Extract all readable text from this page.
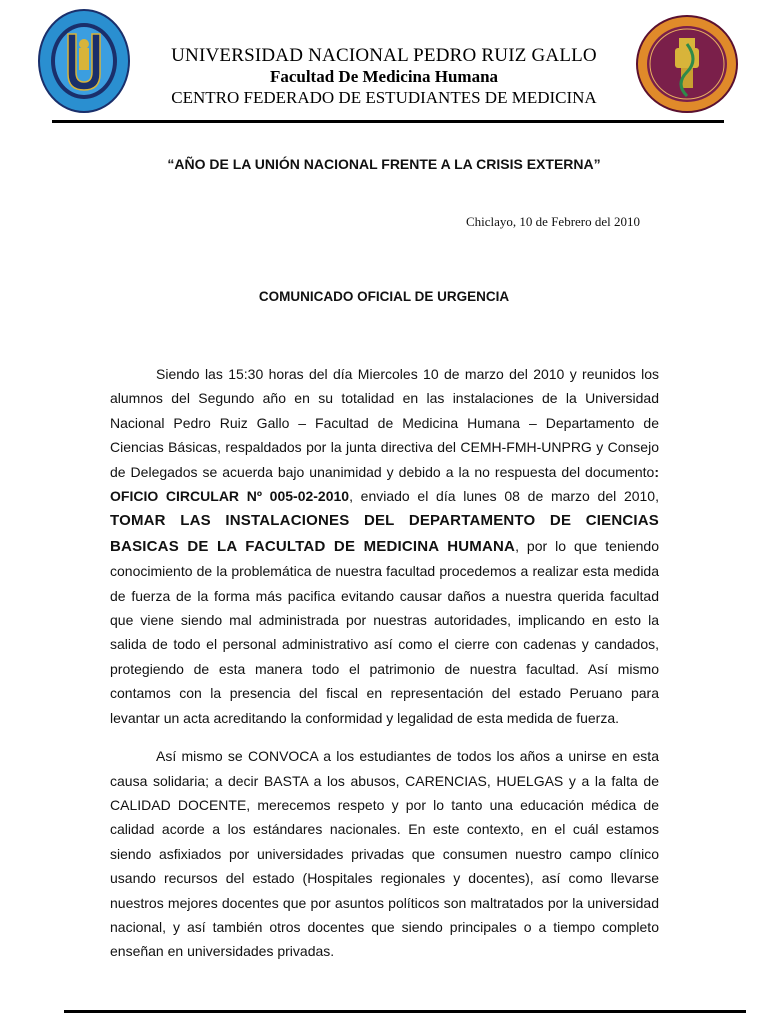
UNIVERSIDAD NACIONAL PEDRO RUIZ GALLO
Facultad De Medicina Humana
CENTRO FEDERADO DE ESTUDIANTES DE MEDICINA
“AÑO DE LA UNIÓN NACIONAL FRENTE A LA CRISIS EXTERNA”
Chiclayo, 10 de Febrero del 2010
COMUNICADO OFICIAL DE URGENCIA

Siendo las 15:30 horas del día Miercoles 10 de marzo del 2010 y reunidos los alumnos del Segundo año en su totalidad en las instalaciones de la Universidad Nacional Pedro Ruiz Gallo – Facultad de Medicina Humana – Departamento de Ciencias Básicas, respaldados por la junta directiva del CEMH-FMH-UNPRG y Consejo de Delegados se acuerda bajo unanimidad y debido a la no respuesta del documento: OFICIO CIRCULAR Nº 005-02-2010, enviado el día lunes 08 de marzo del 2010, TOMAR LAS INSTALACIONES DEL DEPARTAMENTO DE CIENCIAS BASICAS DE LA FACULTAD DE MEDICINA HUMANA, por lo que teniendo conocimiento de la problemática de nuestra facultad procedemos a realizar esta medida de fuerza de la forma más pacifica evitando causar daños a nuestra querida facultad que viene siendo mal administrada por nuestras autoridades, implicando en esto la salida de todo el personal administrativo así como el cierre con cadenas y candados, protegiendo de esta manera todo el patrimonio de nuestra facultad. Así mismo contamos con la presencia del fiscal en representación del estado Peruano para levantar un acta acreditando la conformidad y legalidad de esta medida de fuerza.

Así mismo se CONVOCA a los estudiantes de todos los años a unirse en esta causa solidaria; a decir BASTA a los abusos, CARENCIAS, HUELGAS y a la falta de CALIDAD DOCENTE, merecemos respeto y por lo tanto una educación médica de calidad acorde a los estándares nacionales. En este contexto, en el cuál estamos siendo asfixiados por universidades privadas que consumen nuestro campo clínico usando recursos del estado (Hospitales regionales y docentes), así como llevarse nuestros mejores docentes que por asuntos políticos son maltratados por la universidad nacional, y así también otros docentes que siendo principales o a tiempo completo enseñan en universidades privadas.
